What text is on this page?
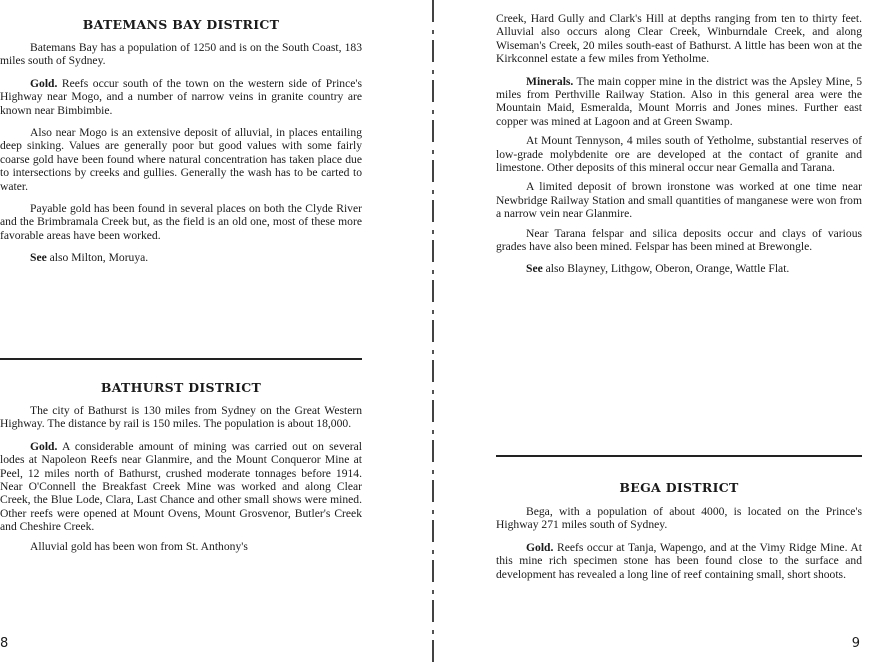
BATEMANS BAY DISTRICT

Batemans Bay has a population of 1250 and is on the South Coast, 183 miles south of Sydney.

Gold. Reefs occur south of the town on the western side of Prince's Highway near Mogo, and a number of narrow veins in granite country are known near Bimbimbie.

Also near Mogo is an extensive deposit of alluvial, in places entailing deep sinking. Values are generally poor but good values with some fairly coarse gold have been found where natural concentration has taken place due to intersections by creeks and gullies. Generally the wash has to be carted to water.

Payable gold has been found in several places on both the Clyde River and the Brimbramala Creek but, as the field is an old one, most of these more favorable areas have been worked.

See also Milton, Moruya.

BATHURST DISTRICT

The city of Bathurst is 130 miles from Sydney on the Great Western Highway. The distance by rail is 150 miles. The population is about 18,000.

Gold. A considerable amount of mining was carried out on several lodes at Napoleon Reefs near Glanmire, and the Mount Conqueror Mine at Peel, 12 miles north of Bathurst, crushed moderate tonnages before 1914. Near O'Connell the Breakfast Creek Mine was worked and along Clear Creek, the Blue Lode, Clara, Last Chance and other small shows were mined. Other reefs were opened at Mount Ovens, Mount Grosvenor, Butler's Creek and Cheshire Creek.

Alluvial gold has been won from St. Anthony's

8

Creek, Hard Gully and Clark's Hill at depths ranging from ten to thirty feet. Alluvial also occurs along Clear Creek, Winburndale Creek, and along Wiseman's Creek, 20 miles south-east of Bathurst. A little has been won at the Kirkconnel estate a few miles from Yetholme.

Minerals. The main copper mine in the district was the Apsley Mine, 5 miles from Perthville Railway Station. Also in this general area were the Mountain Maid, Esmeralda, Mount Morris and Jones mines. Further east copper was mined at Lagoon and at Green Swamp.

At Mount Tennyson, 4 miles south of Yetholme, substantial reserves of low-grade molybdenite ore are developed at the contact of granite and limestone. Other deposits of this mineral occur near Gemalla and Tarana.

A limited deposit of brown ironstone was worked at one time near Newbridge Railway Station and small quantities of manganese were won from a narrow vein near Glanmire.

Near Tarana felspar and silica deposits occur and clays of various grades have also been mined. Felspar has been mined at Brewongle.

See also Blayney, Lithgow, Oberon, Orange, Wattle Flat.

BEGA DISTRICT

Bega, with a population of about 4000, is located on the Prince's Highway 271 miles south of Sydney.

Gold. Reefs occur at Tanja, Wapengo, and at the Vimy Ridge Mine. At this mine rich specimen stone has been found close to the surface and development has revealed a long line of reef containing small, short shoots.

9
